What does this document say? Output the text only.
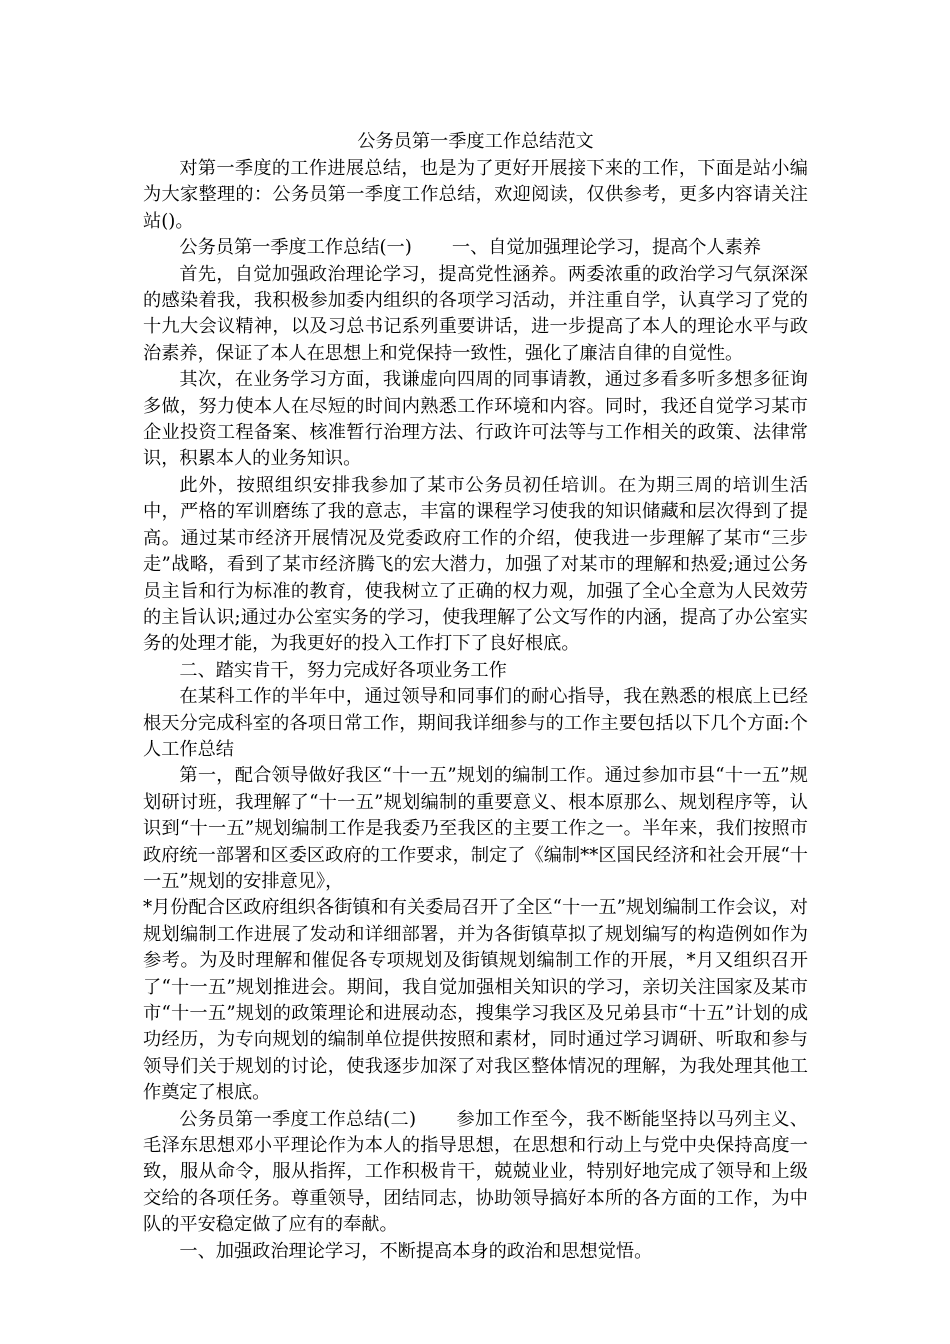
公务员第一季度工作总结范文

对第一季度的工作进展总结，也是为了更好开展接下来的工作，下面是站小编为大家整理的：公务员第一季度工作总结，欢迎阅读，仅供参考，更多内容请关注站()。

公务员第一季度工作总结(一) 一、自觉加强理论学习，提高个人素养

首先，自觉加强政治理论学习，提高党性涵养。两委浓重的政治学习气氛深深的感染着我，我积极参加委内组织的各项学习活动，并注重自学，认真学习了党的十九大会议精神，以及习总书记系列重要讲话，进一步提高了本人的理论水平与政治素养，保证了本人在思想上和党保持一致性，强化了廉洁自律的自觉性。

其次，在业务学习方面，我谦虚向四周的同事请教，通过多看多听多想多征询多做，努力使本人在尽短的时间内熟悉工作环境和内容。同时，我还自觉学习某市企业投资工程备案、核准暂行治理方法、行政许可法等与工作相关的政策、法律常识，积累本人的业务知识。

此外，按照组织安排我参加了某市公务员初任培训。在为期三周的培训生活中，严格的军训磨练了我的意志，丰富的课程学习使我的知识储藏和层次得到了提高。通过某市经济开展情况及党委政府工作的介绍，使我进一步理解了某市“三步走”战略，看到了某市经济腾飞的宏大潜力，加强了对某市的理解和热爱;通过公务员主旨和行为标准的教育，使我树立了正确的权力观，加强了全心全意为人民效劳的主旨认识;通过办公室实务的学习，使我理解了公文写作的内涵，提高了办公室实务的处理才能，为我更好的投入工作打下了良好根底。

二、踏实肯干，努力完成好各项业务工作

在某科工作的半年中，通过领导和同事们的耐心指导，我在熟悉的根底上已经根天分完成科室的各项日常工作，期间我详细参与的工作主要包括以下几个方面:个人工作总结

第一，配合领导做好我区“十一五”规划的编制工作。通过参加市县“十一五”规划研讨班，我理解了“十一五”规划编制的重要意义、根本原那么、规划程序等，认识到“十一五”规划编制工作是我委乃至我区的主要工作之一。半年来，我们按照市政府统一部署和区委区政府的工作要求，制定了《编制**区国民经济和社会开展“十一五”规划的安排意见》，

*月份配合区政府组织各街镇和有关委局召开了全区“十一五”规划编制工作会议，对规划编制工作进展了发动和详细部署，并为各街镇草拟了规划编写的构造例如作为参考。为及时理解和催促各专项规划及街镇规划编制工作的开展，*月又组织召开了“十一五”规划推进会。期间，我自觉加强相关知识的学习，亲切关注国家及某市市“十一五”规划的政策理论和进展动态，搜集学习我区及兄弟县市“十五”计划的成功经历，为专向规划的编制单位提供按照和素材，同时通过学习调研、听取和参与领导们关于规划的讨论，使我逐步加深了对我区整体情况的理解，为我处理其他工作奠定了根底。

公务员第一季度工作总结(二) 参加工作至今，我不断能坚持以马列主义、毛泽东思想邓小平理论作为本人的指导思想，在思想和行动上与党中央保持高度一致，服从命令，服从指挥，工作积极肯干，兢兢业业，特别好地完成了领导和上级交给的各项任务。尊重领导，团结同志，协助领导搞好本所的各方面的工作，为中队的平安稳定做了应有的奉献。

一、加强政治理论学习，不断提高本身的政治和思想觉悟。
